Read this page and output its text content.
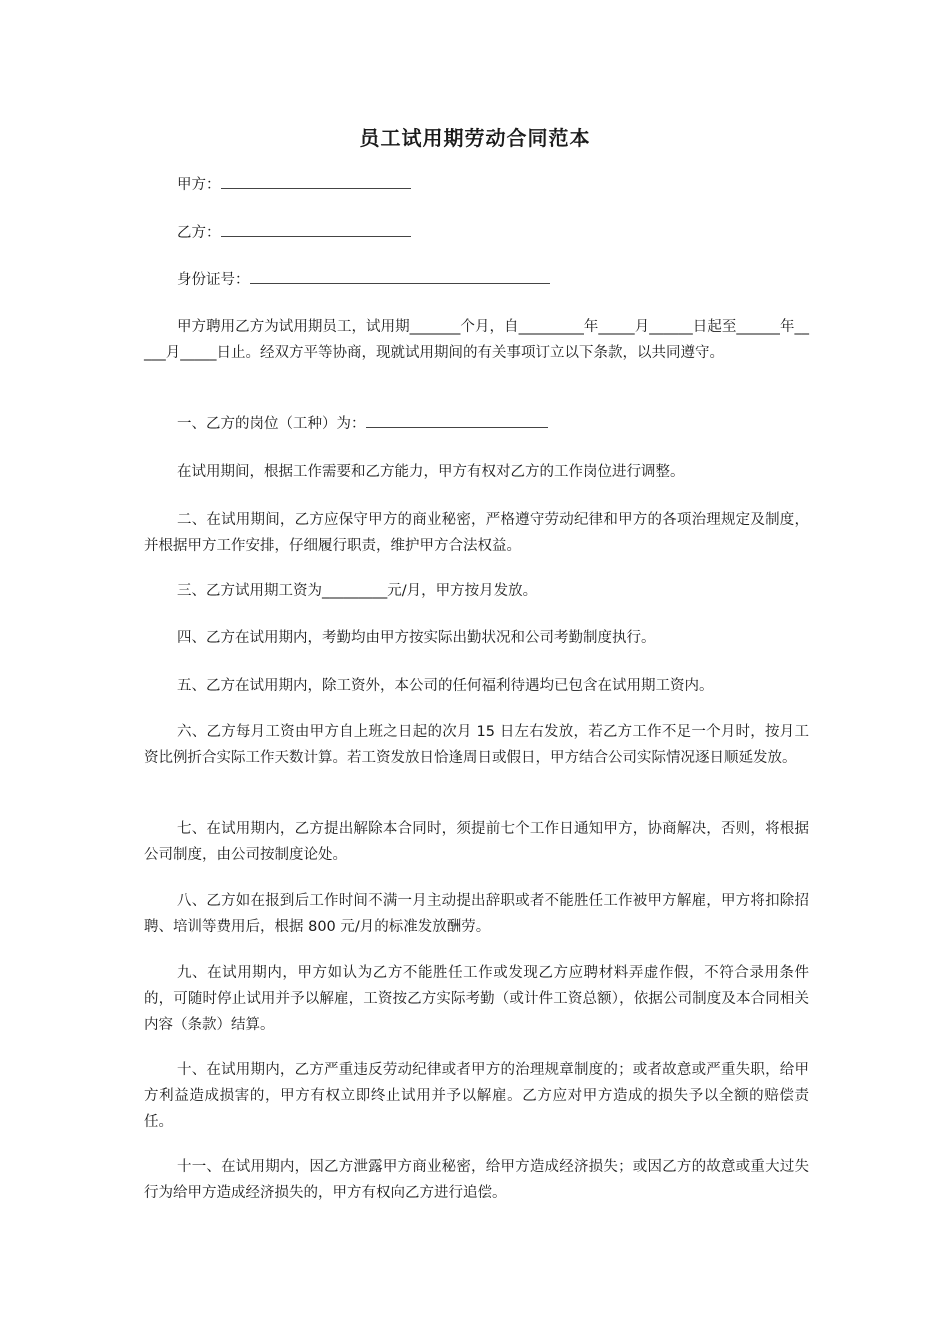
员工试用期劳动合同范本

甲方：

乙方：

身份证号：

甲方聘用乙方为试用期员工，试用期_______个月，自_________年_____月______日起至______年_____月_____日止。经双方平等协商，现就试用期间的有关事项订立以下条款，以共同遵守。

一、乙方的岗位（工种）为：

在试用期间，根据工作需要和乙方能力，甲方有权对乙方的工作岗位进行调整。

二、在试用期间，乙方应保守甲方的商业秘密，严格遵守劳动纪律和甲方的各项治理规定及制度，并根据甲方工作安排，仔细履行职责，维护甲方合法权益。

三、乙方试用期工资为_________元/月，甲方按月发放。

四、乙方在试用期内，考勤均由甲方按实际出勤状况和公司考勤制度执行。

五、乙方在试用期内，除工资外，本公司的任何福利待遇均已包含在试用期工资内。

六、乙方每月工资由甲方自上班之日起的次月 15 日左右发放，若乙方工作不足一个月时，按月工资比例折合实际工作天数计算。若工资发放日恰逢周日或假日，甲方结合公司实际情况逐日顺延发放。

七、在试用期内，乙方提出解除本合同时，须提前七个工作日通知甲方，协商解决，否则，将根据公司制度，由公司按制度论处。

八、乙方如在报到后工作时间不满一月主动提出辞职或者不能胜任工作被甲方解雇，甲方将扣除招聘、培训等费用后，根据 800 元/月的标准发放酬劳。

九、在试用期内，甲方如认为乙方不能胜任工作或发现乙方应聘材料弄虚作假，不符合录用条件的，可随时停止试用并予以解雇，工资按乙方实际考勤（或计件工资总额），依据公司制度及本合同相关内容（条款）结算。

十、在试用期内，乙方严重违反劳动纪律或者甲方的治理规章制度的；或者故意或严重失职，给甲方利益造成损害的，甲方有权立即终止试用并予以解雇。乙方应对甲方造成的损失予以全额的赔偿责任。

十一、在试用期内，因乙方泄露甲方商业秘密，给甲方造成经济损失；或因乙方的故意或重大过失行为给甲方造成经济损失的，甲方有权向乙方进行追偿。
